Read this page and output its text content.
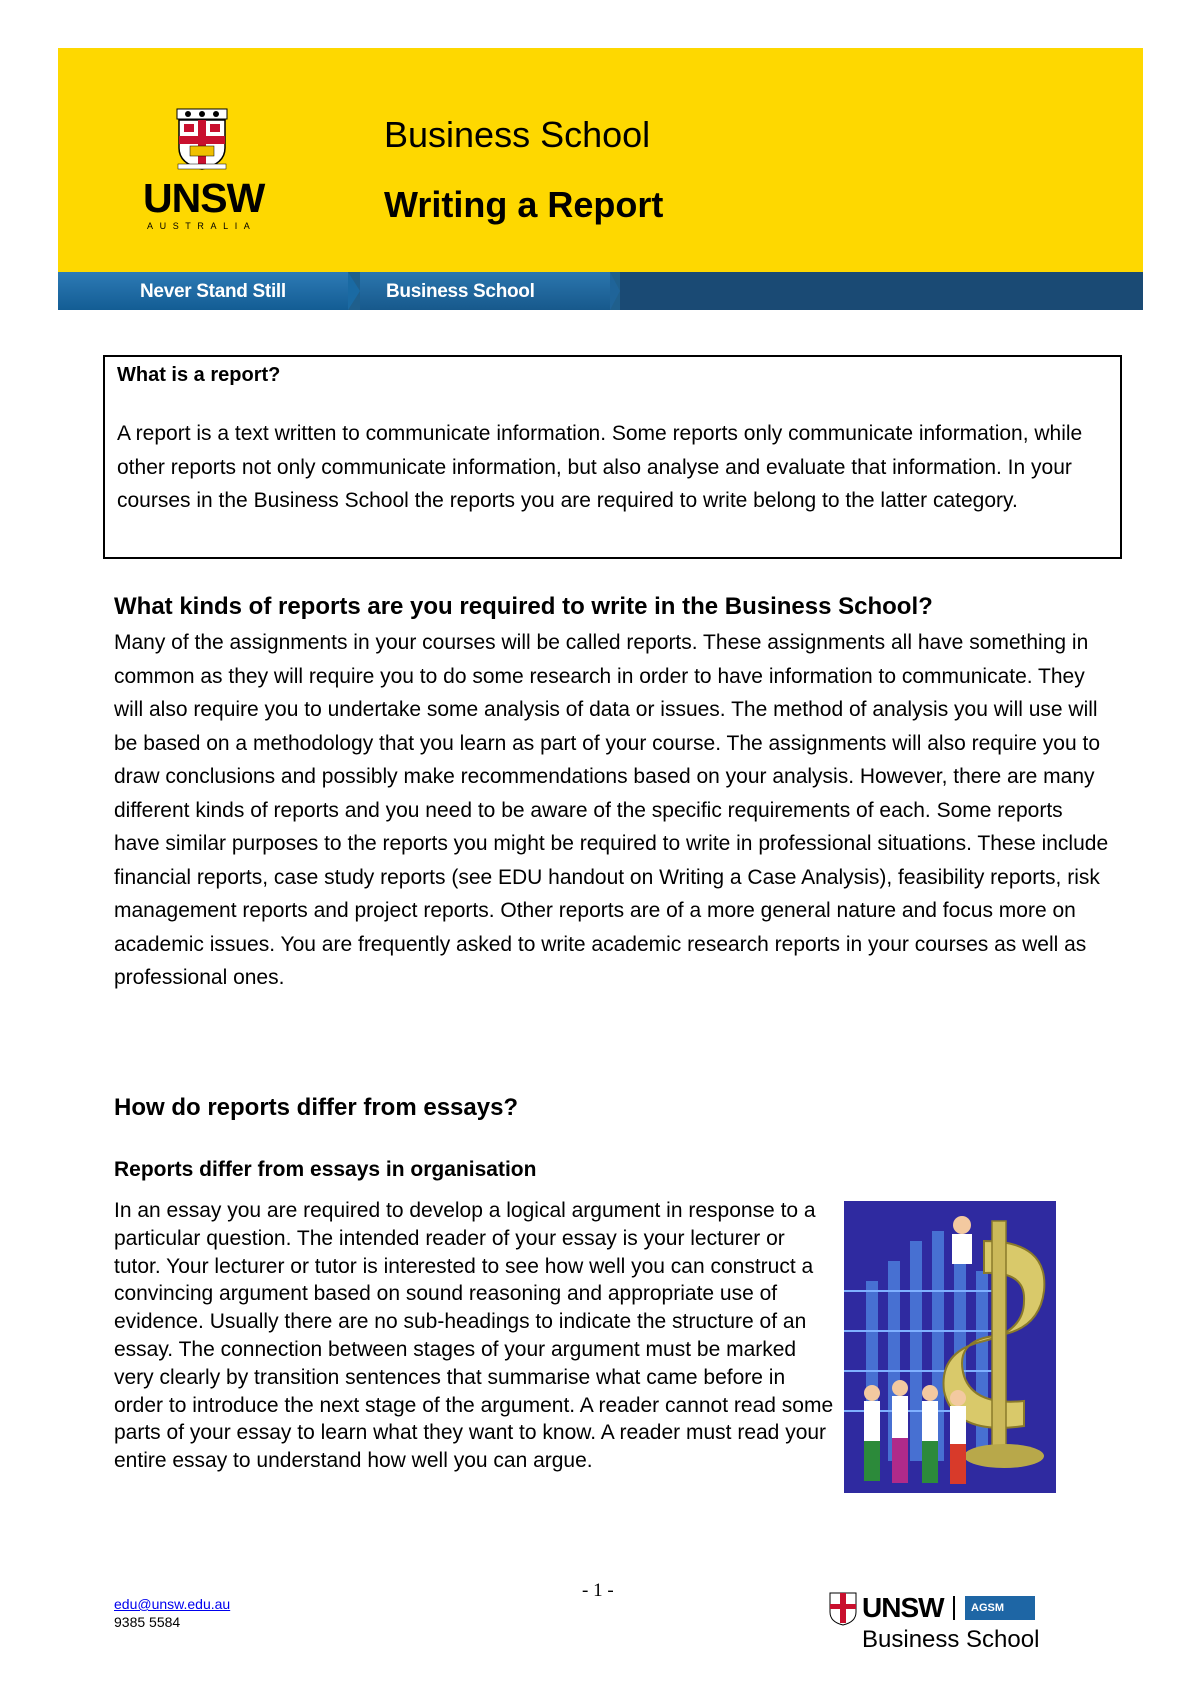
UNSW
AUSTRALIA
Business School
Writing a Report
Never Stand Still	Business School

What is a report?

A report is a text written to communicate information. Some reports only communicate information, while other reports not only communicate information, but also analyse and evaluate that information. In your courses in the Business School the reports you are required to write belong to the latter category.

What kinds of reports are you required to write in the Business School?

Many of the assignments in your courses will be called reports. These assignments all have something in common as they will require you to do some research in order to have information to communicate. They will also require you to undertake some analysis of data or issues. The method of analysis you will use will be based on a methodology that you learn as part of your course. The assignments will also require you to draw conclusions and possibly make recommendations based on your analysis. However, there are many different kinds of reports and you need to be aware of the specific requirements of each. Some reports have similar purposes to the reports you might be required to write in professional situations. These include financial reports, case study reports (see EDU handout on Writing a Case Analysis), feasibility reports, risk management reports and project reports. Other reports are of a more general nature and focus more on academic issues. You are frequently asked to write academic research reports in your courses as well as professional ones.

How do reports differ from essays?
Reports differ from essays in organisation

In an essay you are required to develop a logical argument in response to a particular question. The intended reader of your essay is your lecturer or tutor. Your lecturer or tutor is interested to see how well you can construct a convincing argument based on sound reasoning and appropriate use of evidence. Usually there are no sub-headings to indicate the structure of an essay. The connection between stages of your argument must be marked very clearly by transition sentences that summarise what came before in order to introduce the next stage of the argument. A reader cannot read some parts of your essay to learn what they want to know. A reader must read your entire essay to understand how well you can argue.

- 1 -
edu@unsw.edu.au
9385 5584	UNSW	AGSM
Business School
